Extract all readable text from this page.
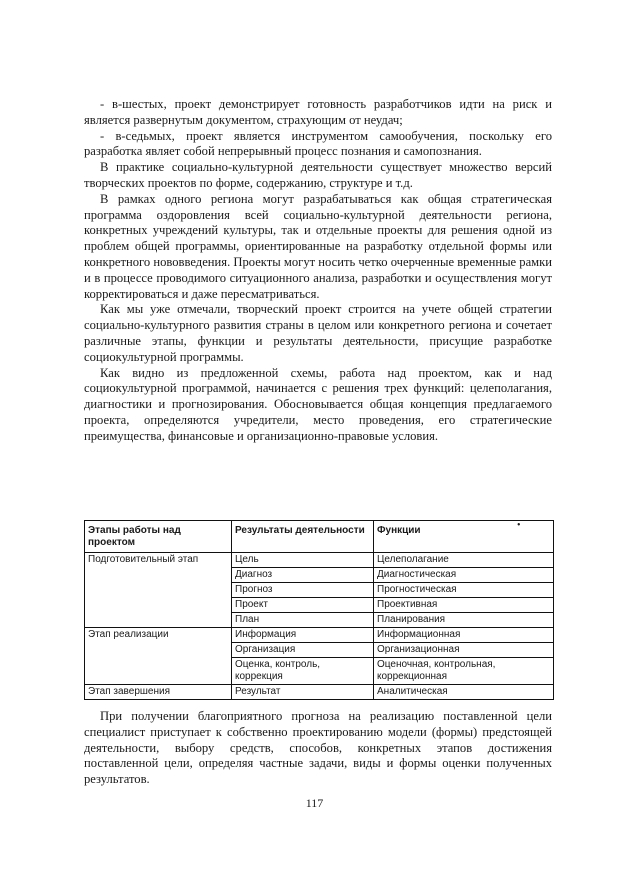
- в-шестых, проект демонстрирует готовность разработчиков идти на риск и является развернутым документом, страхующим от неудач;

- в-седьмых, проект является инструментом самообучения, поскольку его разработка являет собой непрерывный процесс познания и самопознания.

В практике социально-культурной деятельности существует множество версий творческих проектов по форме, содержанию, структуре и т.д.

В рамках одного региона могут разрабатываться как общая стратегическая программа оздоровления всей социально-культурной деятельности региона, конкретных учреждений культуры, так и отдельные проекты для решения одной из проблем общей программы, ориентированные на разработку отдельной формы или конкретного нововведения. Проекты могут носить четко очерченные временные рамки и в процессе проводимого ситуационного анализа, разработки и осуществления могут корректироваться и даже пересматриваться.

Как мы уже отмечали, творческий проект строится на учете общей стратегии социально-культурного развития страны в целом или конкретного региона и сочетает различные этапы, функции и результаты деятельности, присущие разработке социокультурной программы.

Как видно из предложенной схемы, работа над проектом, как и над социокультурной программой, начинается с решения трех функций: целеполагания, диагностики и прогнозирования. Обосновывается общая концепция предлагаемого проекта, определяются учредители, место проведения, его стратегические преимущества, финансовые и организационно-правовые условия.

Этапы работы над проектом	Результаты деятельности	Функции
Подготовительный этап	Цель	Целеполагание
	Диагноз	Диагностическая
	Прогноз	Прогностическая
	Проект	Проективная
	План	Планирования
Этап реализации	Информация	Информационная
	Организация	Организационная
	Оценка, контроль, коррекция	Оценочная, контрольная, коррекционная
Этап завершения	Результат	Аналитическая
•

При получении благоприятного прогноза на реализацию поставленной цели специалист приступает к собственно проектированию модели (формы) предстоящей деятельности, выбору средств, способов, конкретных этапов достижения поставленной цели, определяя частные задачи, виды и формы оценки полученных результатов.

117
